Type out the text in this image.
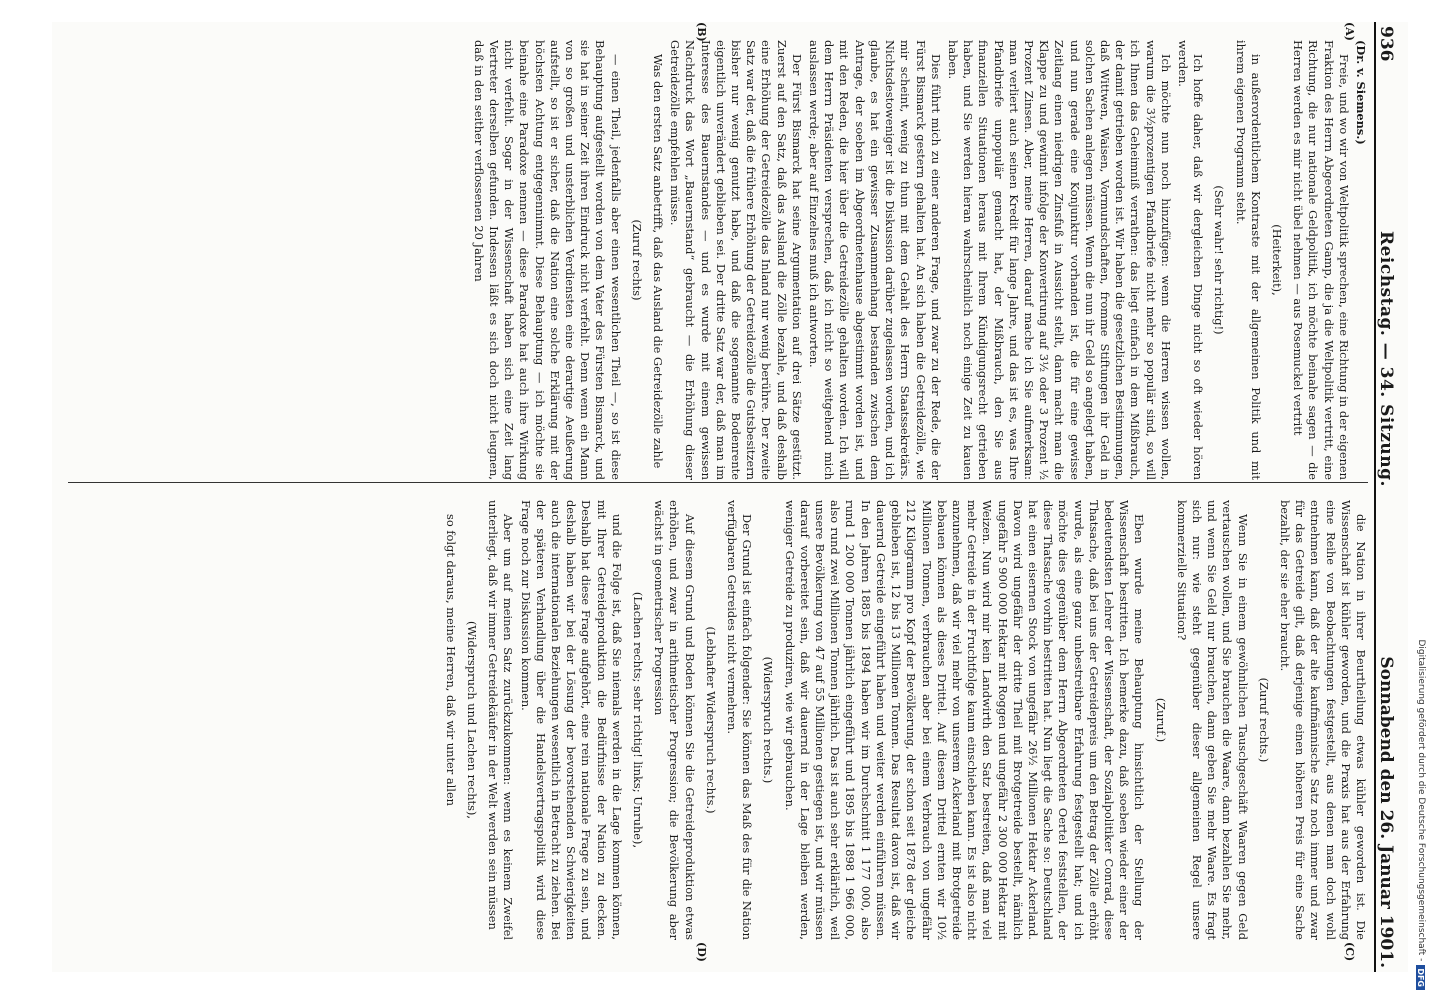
936
Reichstag. — 34. Sitzung.
Sonnabend den 26. Januar 1901.
(A)
(B)
(C)
(D)

(Dr. v. Siemens.)

Freie, und wo wir von Weltpolitik sprechen, eine Richtung in der eigenen Fraktion des Herrn Abgeordneten Gamp, die ja die Weltpolitik vertritt, eine Richtung, die nur nationale Geldpolitik, ich möchte beinahe sagen — die Herren werden es mir nicht übel nehmen — aus Posemuckel vertritt

(Heiterkeit),

in außerordentlichem Kontraste mit der allgemeinen Politik und mit ihrem eigenen Programm steht.

(Sehr wahr! sehr richtig!)

Ich hoffe daher, daß wir dergleichen Dinge nicht so oft wieder hören werden.

Ich möchte nun noch hinzufügen: wenn die Herren wissen wollen, warum die 3½prozentigen Pfandbriefe nicht mehr so populär sind, so will ich Ihnen das Geheimniß verrathen: das liegt einfach in dem Mißbrauch, der damit getrieben worden ist. Wir haben die gesetzlichen Bestimmungen, daß Wittwen, Waisen, Vormundschaften, fromme Stiftungen ihr Geld in solchen Sachen anlegen müssen. Wenn die nun ihr Geld so angelegt haben, und nun gerade eine Konjunktur vorhanden ist, die für eine gewisse Zeitlang einen niedrigen Zinsfuß in Aussicht stellt, dann macht man die Klappe zu und gewinnt infolge der Konvertirung auf 3½ oder 3 Prozent ½ Prozent Zinsen. Aber, meine Herren, darauf mache ich Sie aufmerksam: man verliert auch seinen Kredit für lange Jahre, und das ist es, was Ihre Pfandbriefe unpopulär gemacht hat, der Mißbrauch, den Sie aus finanziellen Situationen heraus mit Ihrem Kündigungsrecht getrieben haben, und Sie werden hieran wahrscheinlich noch einige Zeit zu kauen haben.

Dies führt mich zu einer anderen Frage, und zwar zu der Rede, die der Fürst Bismarck gestern gehalten hat. An sich haben die Getreidezölle, wie mir scheint, wenig zu thun mit dem Gehalt des Herrn Staatssekretärs. Nichtsdestoweniger ist die Diskussion darüber zugelassen worden, und ich glaube, es hat ein gewisser Zusammenhang bestanden zwischen dem Antrage, der soeben im Abgeordnetenhause abgestimmt worden ist, und mit den Reden, die hier über die Getreidezölle gehalten worden. Ich will dem Herrn Präsidenten versprechen, daß ich nicht so weitgehend mich auslassen werde; aber auf Einzelnes muß ich antworten.

Der Fürst Bismarck hat seine Argumentation auf drei Sätze gestützt. Zuerst auf den Satz, daß das Ausland die Zölle bezahle, und daß deshalb eine Erhöhung der Getreidezölle das Inland nur wenig berühre. Der zweite Satz war der, daß die frühere Erhöhung der Getreidezölle die Gutsbesitzern bisher nur wenig genutzt habe, und daß die sogenannte Bodenrente eigentlich unverändert geblieben sei. Der dritte Satz war der, daß man im Interesse des Bauernstandes — und es wurde mit einem gewissen Nachdruck das Wort „Bauernstand“ gebraucht — die Erhöhung dieser Getreidezölle empfehlen müsse.

Was den ersten Satz anbetrifft, daß das Ausland die Getreidezölle zahle

(Zuruf rechts)

— einen Theil, jedenfalls aber einen wesentlichen Theil —, so ist diese Behauptung aufgestellt worden von dem Vater des Fürsten Bismarck, und sie hat in seiner Zeit ihren Eindruck nicht verfehlt. Denn wenn ein Mann von so großen und unsterblichen Verdiensten eine derartige Aeußerung aufstellt, so ist er sicher, daß die Nation eine solche Erklärung mit der höchsten Achtung entgegennimmt. Diese Behauptung — ich möchte sie beinahe eine Paradoxe nennen — diese Paradoxe hat auch ihre Wirkung nicht verfehlt. Sogar in der Wissenschaft haben sich eine Zeit lang Vertreter derselben gefunden. Indessen läßt es sich doch nicht leugnen, daß in den seither verflossenen 20 Jahren

die Nation in ihrer Beurtheilung etwas kühler geworden ist. Die Wissenschaft ist kühler geworden, und die Praxis hat aus der Erfahrung eine Reihe von Beobachtungen festgestellt, aus denen man doch wohl entnehmen kann, daß der alte kaufmännische Satz noch immer und zwar für das Getreide gilt, daß derjenige einen höheren Preis für eine Sache bezahlt, der sie eher braucht.

(Zuruf rechts.)

Wenn Sie in einem gewöhnlichen Tauschgeschäft Waaren gegen Geld vertauschen wollen, und Sie brauchen die Waare, dann bezahlen Sie mehr, und wenn Sie Geld nur brauchen, dann geben Sie mehr Waare. Es fragt sich nur: wie steht gegenüber dieser allgemeinen Regel unsere kommerzielle Situation?

(Zuruf.)

Eben wurde meine Behauptung hinsichtlich der Stellung der Wissenschaft bestritten. Ich bemerke dazu, daß soeben wieder einer der bedeutendsten Lehrer der Wissenschaft, der Sozialpolitiker Conrad, diese Thatsache, daß bei uns der Getreidepreis um den Betrag der Zölle erhöht wurde, als eine ganz unbestreitbare Erfahrung festgestellt hat; und ich möchte dies gegenüber dem Herrn Abgeordneten Oertel feststellen, der diese Thatsache vorhin bestritten hat. Nun liegt die Sache so: Deutschland hat einen eisernen Stock von ungefähr 26½ Millionen Hektar Ackerland. Davon wird ungefähr der dritte Theil mit Brotgetreide bestellt, nämlich ungefähr 5 900 000 Hektar mit Roggen und ungefähr 2 300 000 Hektar mit Weizen. Nun wird mir kein Landwirth den Satz bestreiten, daß man viel mehr Getreide in der Fruchtfolge kaum einschieben kann. Es ist also nicht anzunehmen, daß wir viel mehr von unserem Ackerland mit Brotgetreide bebauen können als dieses Drittel. Auf diesem Drittel ernten wir 10½ Millionen Tonnen, verbrauchen aber bei einem Verbrauch von ungefähr 212 Kilogramm pro Kopf der Bevölkerung, der schon seit 1878 der gleiche geblieben ist, 12 bis 13 Millionen Tonnen. Das Resultat davon ist, daß wir dauernd Getreide eingeführt haben und weiter werden einführen müssen. In den Jahren 1885 bis 1894 haben wir im Durchschnitt 1 177 000, also rund 1 200 000 Tonnen jährlich eingeführt und 1895 bis 1898 1 966 000, also rund zwei Millionen Tonnen jährlich. Das ist auch sehr erklärlich, weil unsere Bevölkerung von 47 auf 55 Millionen gestiegen ist, und wir müssen darauf vorbereitet sein, daß wir dauernd in der Lage bleiben werden, weniger Getreide zu produziren, wie wir gebrauchen.

(Widerspruch rechts.)

Der Grund ist einfach folgender: Sie können das Maß des für die Nation verfügbaren Getreides nicht vermehren.

(Lebhafter Widerspruch rechts.)

Auf diesem Grund und Boden können Sie die Getreideproduktion etwas erhöhen, und zwar in arithmetischer Progression; die Bevölkerung aber wächst in geometrischer Progression

(Lachen rechts; sehr richtig! links; Unruhe),

und die Folge ist, daß Sie niemals werden in die Lage kommen können, mit Ihrer Getreideproduktion die Bedürfnisse der Nation zu decken. Deshalb hat diese Frage aufgehört, eine rein nationale Frage zu sein, und deshalb haben wir bei der Lösung der bevorstehenden Schwierigkeiten auch die internationalen Beziehungen wesentlich in Betracht zu ziehen. Bei der späteren Verhandlung über die Handelsvertragspolitik wird diese Frage noch zur Diskussion kommen.

Aber um auf meinen Satz zurückzukommen: wenn es keinem Zweifel unterliegt, daß wir immer Getreidekäufer in der Welt werden sein müssen

(Widerspruch und Lachen rechts),

so folgt daraus, meine Herren, daß wir unter allen	Digitalisierung gefördert durch die Deutsche Forschungsgemeinschaft -
DFG
